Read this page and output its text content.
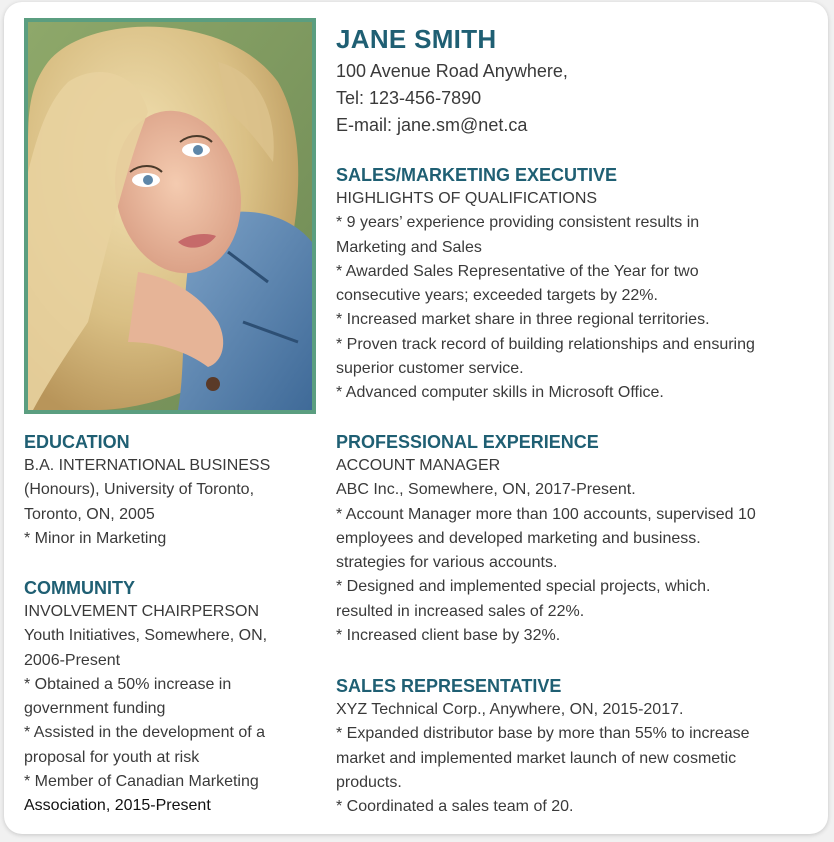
JANE SMITH
100 Avenue Road Anywhere,
Tel: 123-456-7890
E-mail: jane.sm@net.ca
SALES/MARKETING EXECUTIVE
HIGHLIGHTS OF QUALIFICATIONS
* 9 years’ experience providing consistent results in
Marketing and Sales
* Awarded Sales Representative of the Year for two
consecutive years; exceeded targets by 22%.
* Increased market share in three regional territories.
* Proven track record of building relationships and ensuring
superior customer service.
* Advanced computer skills in Microsoft Office.
PROFESSIONAL EXPERIENCE
ACCOUNT MANAGER
ABC Inc., Somewhere, ON, 2017-Present.
* Account Manager more than 100 accounts, supervised 10
employees and developed marketing and business.
strategies for various accounts.
* Designed and implemented special projects, which.
resulted in increased sales of 22%.
* Increased client base by 32%.
SALES REPRESENTATIVE
XYZ Technical Corp., Anywhere, ON, 2015-2017.
* Expanded distributor base by more than 55% to increase
market and implemented market launch of new cosmetic
products.
* Coordinated a sales team of 20.
EDUCATION
B.A. INTERNATIONAL BUSINESS
(Honours), University of Toronto,
Toronto, ON, 2005
* Minor in Marketing
COMMUNITY
INVOLVEMENT CHAIRPERSON
Youth Initiatives, Somewhere, ON,
2006-Present
* Obtained a 50% increase in
government funding
* Assisted in the development of a
proposal for youth at risk
* Member of Canadian Marketing
Association, 2015-Present
